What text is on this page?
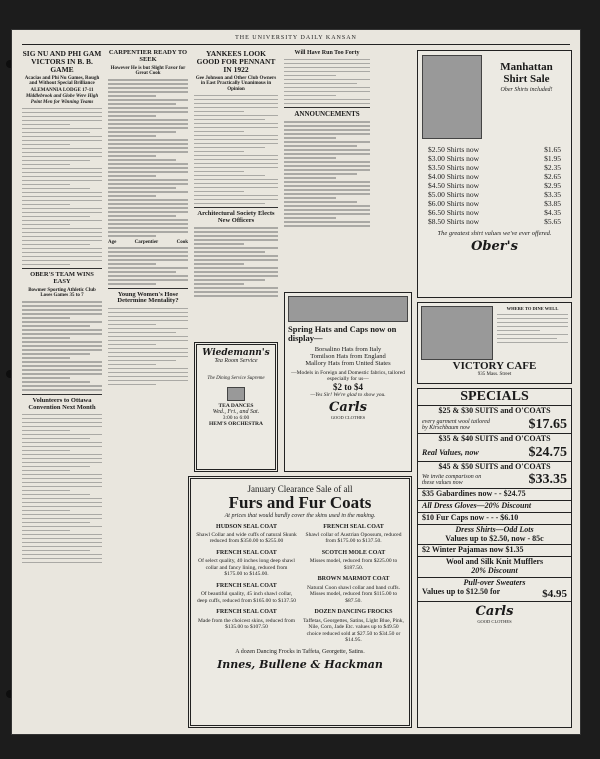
THE UNIVERSITY DAILY KANSAN
SIG NU AND PHI GAM VICTORS IN B. B. GAME
Acacias and Phi Nu Games, Rough and Without Special Brilliance
ALEMANNIA LODGE 17-11
Middlebrook and Globe Were High Point Men for Winning Teams
OBER'S TEAM WINS EASY
Bowmer Sporting Athletic Club Loses Games 35 to 7
Volunteers to Ottawa Convention Next Month
CARPENTIER READY TO SEEK
However He is but Slight Favor for Great Cook
Age	Carpentier	Cook
Young Women's Hose Determine Mentality?
YANKEES LOOK GOOD FOR PENNANT IN 1922
Gee Johnson and Other Club Owners in East Practically Unanimous in Opinion
Architectural Society Elects New Officers
Will Have Run Too Forty
ANNOUNCEMENTS
Manhattan
Shirt Sale
Ober Shirts included!
$2.50 Shirts now	$1.65
$3.00 Shirts now	$1.95
$3.50 Shirts now	$2.35
$4.00 Shirts now	$2.65
$4.50 Shirts now	$2.95
$5.00 Shirts now	$3.35
$6.00 Shirts now	$3.85
$6.50 Shirts now	$4.35
$8.50 Shirts now	$5.65
The greatest shirt values we've ever offered.
Ober's
Spring Hats and Caps now on display—
Borsalino Hats from Italy
Tomilson Hats from England
Mallory Hats from United States
—Models in Foreign and Domestic fabrics, tailored especially for us—
$2 to $4
—Yes Sir! We're glad to show you.
Carls
GOOD CLOTHES
Wiedemann's
Tea Room Service
The Dining Service Supreme
TEA DANCES
Wed., Fri., and Sat.
3:00 to 6:00
HEM'S ORCHESTRA
WHERE TO DINE WELL
VICTORY CAFE
935 Mass. Street
SPECIALS
$25 & $30 SUITS and O'COATS
every garment wool tailored by Kirschbaum now	$17.65
$35 & $40 SUITS and O'COATS
Real Values, now	$24.75
$45 & $50 SUITS and O'COATS
We invite comparison on these values now	$33.35
$35 Gabardines now - - $24.75
All Dress Gloves—20% Discount
$10 Fur Caps now - - - $6.10
Dress Shirts—Odd Lots
Values up to $2.50, now - 85c
$2 Winter Pajamas now $1.35
Wool and Silk Knit Mufflers
20% Discount
Pull-over Sweaters
Values up to $12.50 for	$4.95
Carls
GOOD CLOTHES
January Clearance Sale of all
Furs and Fur Coats
At prices that would hardly cover the skins used in the making.
HUDSON SEAL COAT
Shawl Collar and wide cuffs of natural Skunk reduced from $350.00 to $255.00
FRENCH SEAL COAT
Of select quality, 40 inches long deep shawl collar and fancy lining, reduced from $175.00 to $145.00.
FRENCH SEAL COAT
Of beautiful quality, 45 inch shawl collar, deep cuffs, reduced from $165.00 to $137.50
FRENCH SEAL COAT
Made from the choicest skins, reduced from $135.00 to $107.50
FRENCH SEAL COAT
Shawl collar of Austrian Opossum, reduced from $175.00 to $137.50.
SCOTCH MOLE COAT
Misses model, reduced from $225.00 to $187.50.
BROWN MARMOT COAT
Natural Coon shawl collar and band cuffs. Misses model, reduced from $115.00 to $87.50.
DOZEN DANCING FROCKS
Taffetas, Georgettes, Satins, Light Blue, Pink, Nile, Corn, Jade Etc. values up to $49.50 choice reduced sold at $27.50 to $34.50 or $14.95.
A dozen Dancing Frocks in Taffeta, Georgette, Satins.
Innes, Bullene & Hackman
